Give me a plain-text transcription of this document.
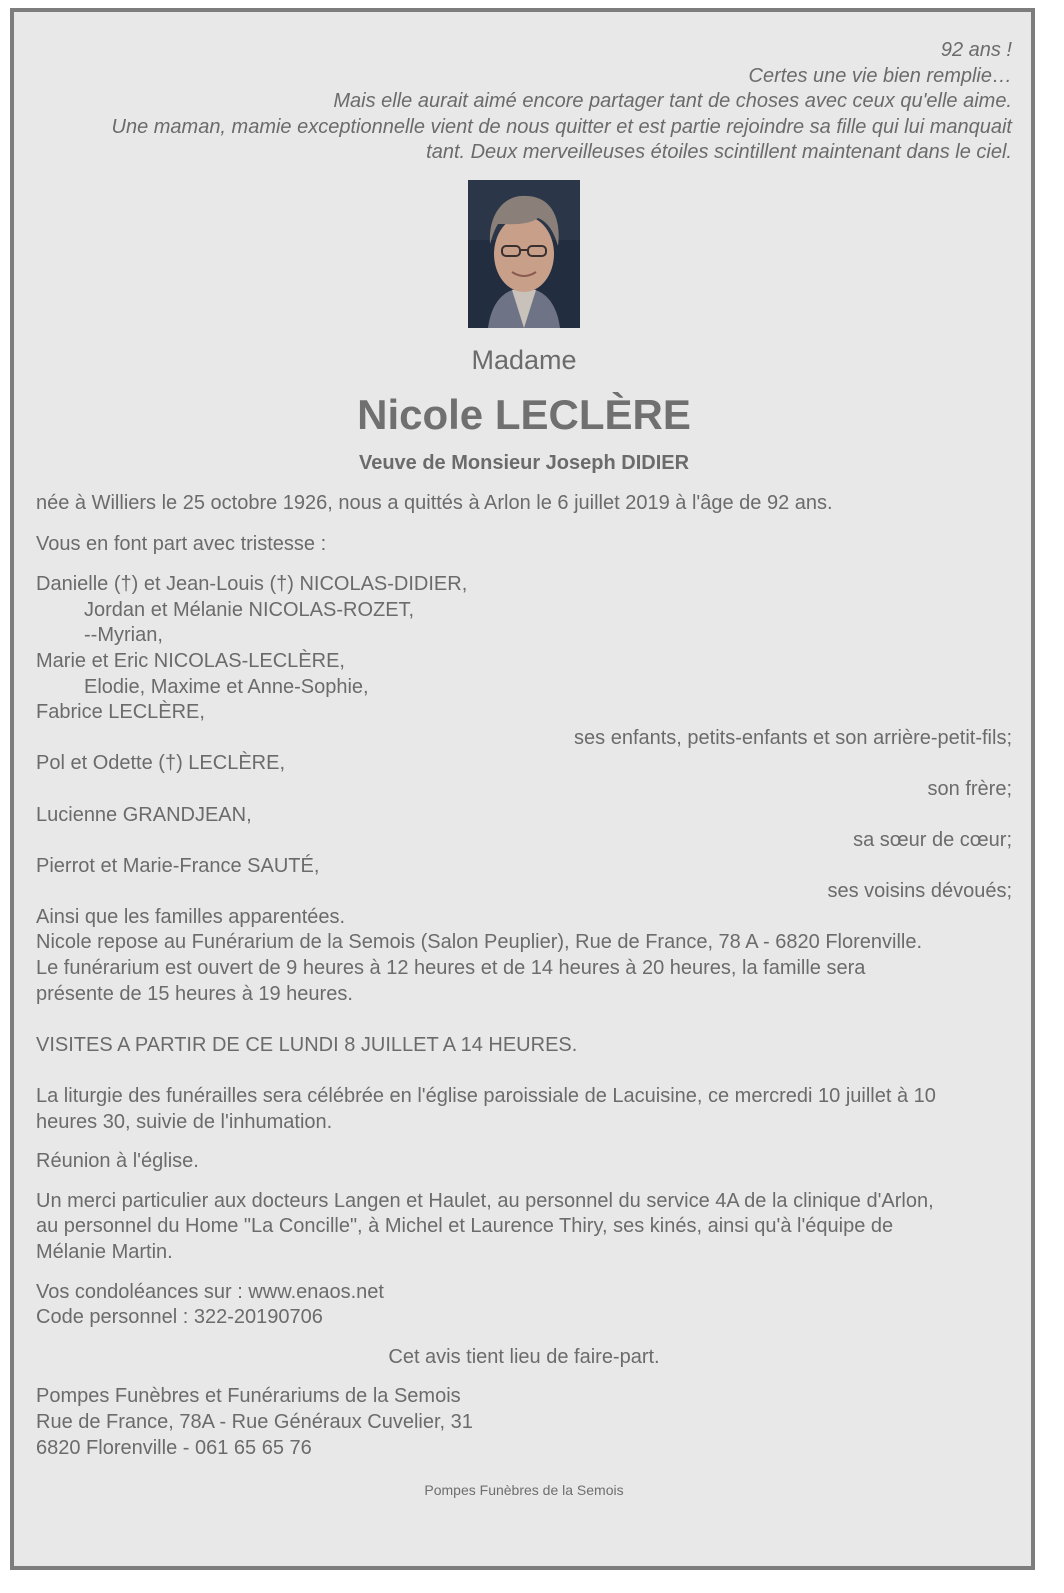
92 ans !
Certes une vie bien remplie…
Mais elle aurait aimé encore partager tant de choses avec ceux qu'elle aime.
Une maman, mamie exceptionnelle vient de nous quitter et est partie rejoindre sa fille qui lui manquait
tant. Deux merveilleuses étoiles scintillent maintenant dans le ciel.
Madame
Nicole LECLÈRE
Veuve de Monsieur Joseph DIDIER

née à Williers le 25 octobre 1926, nous a quittés à Arlon le 6 juillet 2019 à l'âge de 92 ans.

Vous en font part avec tristesse :

Danielle (†) et Jean-Louis (†) NICOLAS-DIDIER,
Jordan et Mélanie NICOLAS-ROZET,
--Myrian,
Marie et Eric NICOLAS-LECLÈRE,
Elodie, Maxime et Anne-Sophie,
Fabrice LECLÈRE,
ses enfants, petits-enfants et son arrière-petit-fils;
Pol et Odette (†) LECLÈRE,
son frère;
Lucienne GRANDJEAN,
sa sœur de cœur;
Pierrot et Marie-France SAUTÉ,
ses voisins dévoués;
Ainsi que les familles apparentées.
Nicole repose au Funérarium de la Semois (Salon Peuplier), Rue de France, 78 A - 6820 Florenville.
Le funérarium est ouvert de 9 heures à 12 heures et de 14 heures à 20 heures, la famille sera
présente de 15 heures à 19 heures.
VISITES A PARTIR DE CE LUNDI 8 JUILLET A 14 HEURES.
La liturgie des funérailles sera célébrée en l'église paroissiale de Lacuisine, ce mercredi 10 juillet à 10
heures 30, suivie de l'inhumation.

Réunion à l'église.

Un merci particulier aux docteurs Langen et Haulet, au personnel du service 4A de la clinique d'Arlon,
au personnel du Home "La Concille", à Michel et Laurence Thiry, ses kinés, ainsi qu'à l'équipe de
Mélanie Martin.
Vos condoléances sur : www.enaos.net
Code personnel : 322-20190706

Cet avis tient lieu de faire-part.

Pompes Funèbres et Funérariums de la Semois
Rue de France, 78A - Rue Généraux Cuvelier, 31
6820 Florenville - 061 65 65 76
Pompes Funèbres de la Semois
